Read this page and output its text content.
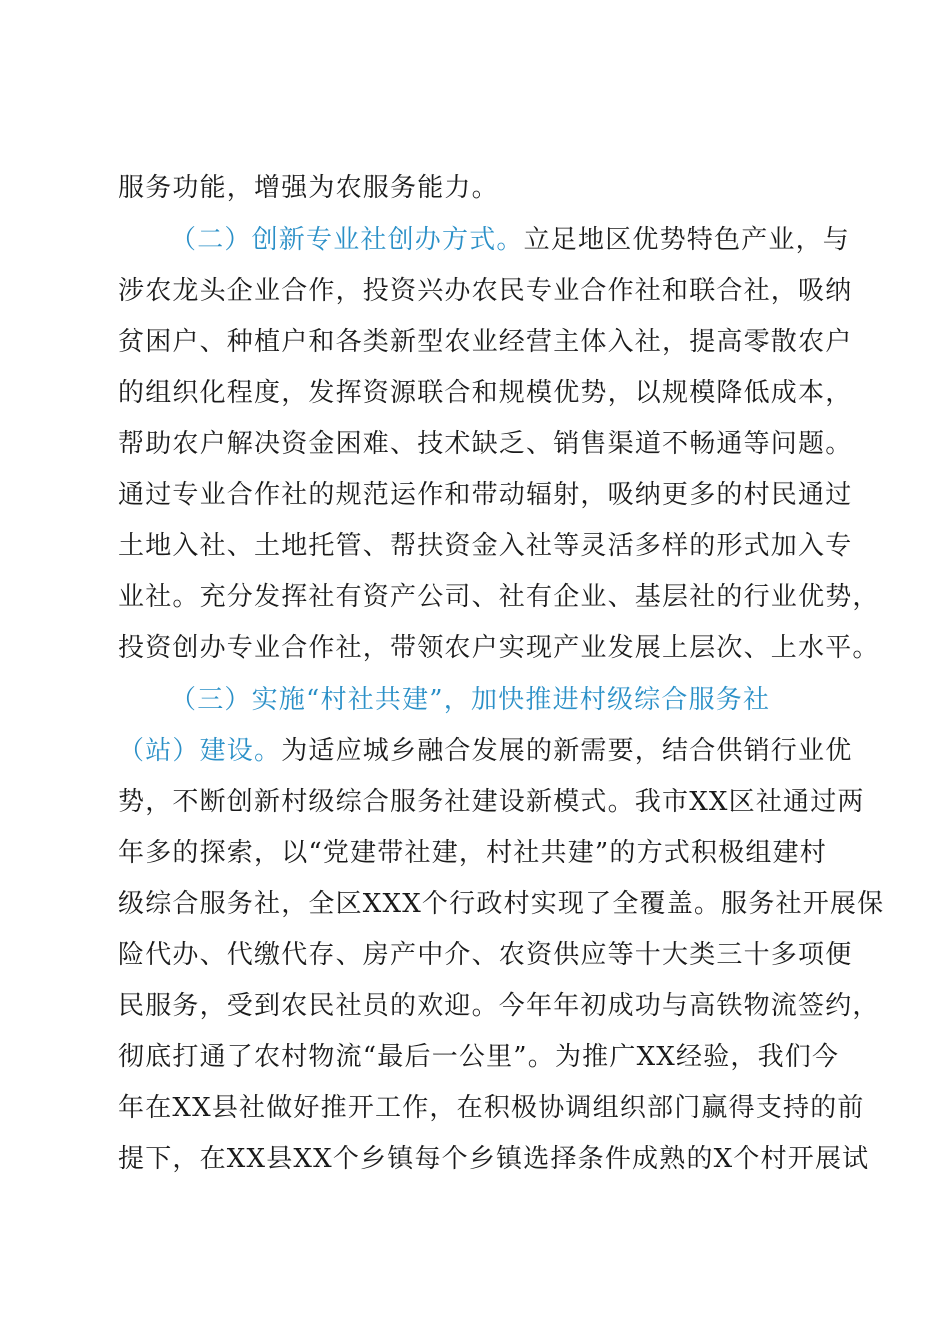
服务功能，增强为农服务能力。
（二）创新专业社创办方式。立足地区优势特色产业，与
涉农龙头企业合作，投资兴办农民专业合作社和联合社，吸纳
贫困户、种植户和各类新型农业经营主体入社，提高零散农户
的组织化程度，发挥资源联合和规模优势，以规模降低成本，
帮助农户解决资金困难、技术缺乏、销售渠道不畅通等问题。
通过专业合作社的规范运作和带动辐射，吸纳更多的村民通过
土地入社、土地托管、帮扶资金入社等灵活多样的形式加入专
业社。充分发挥社有资产公司、社有企业、基层社的行业优势，
投资创办专业合作社，带领农户实现产业发展上层次、上水平。
（三）实施“村社共建”，加快推进村级综合服务社
（站）建设。为适应城乡融合发展的新需要，结合供销行业优
势，不断创新村级综合服务社建设新模式。我市XX区社通过两
年多的探索，以“党建带社建，村社共建”的方式积极组建村
级综合服务社，全区XXX个行政村实现了全覆盖。服务社开展保
险代办、代缴代存、房产中介、农资供应等十大类三十多项便
民服务，受到农民社员的欢迎。今年年初成功与高铁物流签约，
彻底打通了农村物流“最后一公里”。为推广XX经验，我们今
年在XX县社做好推开工作，在积极协调组织部门赢得支持的前
提下，在XX县XX个乡镇每个乡镇选择条件成熟的X个村开展试
